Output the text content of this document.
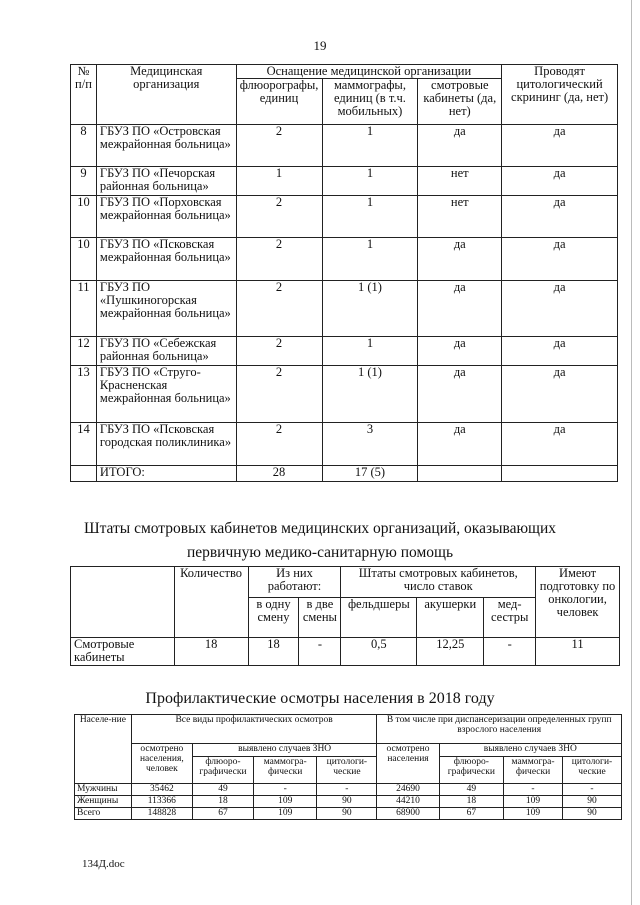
19
№ п/п	Медицинская организация	Оснащение медицинской организации			Проводят цитологический скрининг (да, нет)
		флюорографы, единиц	маммографы, единиц (в т.ч. мобильных)	смотровые кабинеты (да, нет)	
8	ГБУЗ ПО «Островская межрайонная больница»	2	1	да	да
9	ГБУЗ ПО «Печорская районная больница»	1	1	нет	да
10	ГБУЗ ПО «Порховская межрайонная больница»	2	1	нет	да
10	ГБУЗ ПО «Псковская межрайонная больница»	2	1	да	да
11	ГБУЗ ПО «Пушкиногорская межрайонная больница»	2	1 (1)	да	да
12	ГБУЗ ПО «Себежская районная больница»	2	1	да	да
13	ГБУЗ ПО «Струго-Красненская межрайонная больница»	2	1 (1)	да	да
14	ГБУЗ ПО «Псковская городская поликлиника»	2	3	да	да
	ИТОГО:	28	17 (5)		
Штаты смотровых кабинетов медицинских организаций, оказывающих
первичную медико-санитарную помощь
	Количество	Из них работают:		Штаты смотровых кабинетов, число ставок			Имеют подготовку по онкологии, человек
		в одну смену	в две смены	фельдшеры	акушерки	мед-сестры	
Смотровые кабинеты	18	18	-	0,5	12,25	-	11
Профилактические осмотры населения в 2018 году
Населе-ние	Все виды профилактических осмотров				В том числе при диспансеризации определенных групп взрослого населения			
	осмотрено населения, человек	выявлено случаев ЗНО			осмотрено населения	выявлено случаев ЗНО		
		флюоро-графически	маммогра-фически	цитологи-ческие		флюоро-графически	маммогра-фически	цитологи-ческие
Мужчины	35462	49	-	-	24690	49	-	-
Женщины	113366	18	109	90	44210	18	109	90
Всего	148828	67	109	90	68900	67	109	90
134Д.doc
